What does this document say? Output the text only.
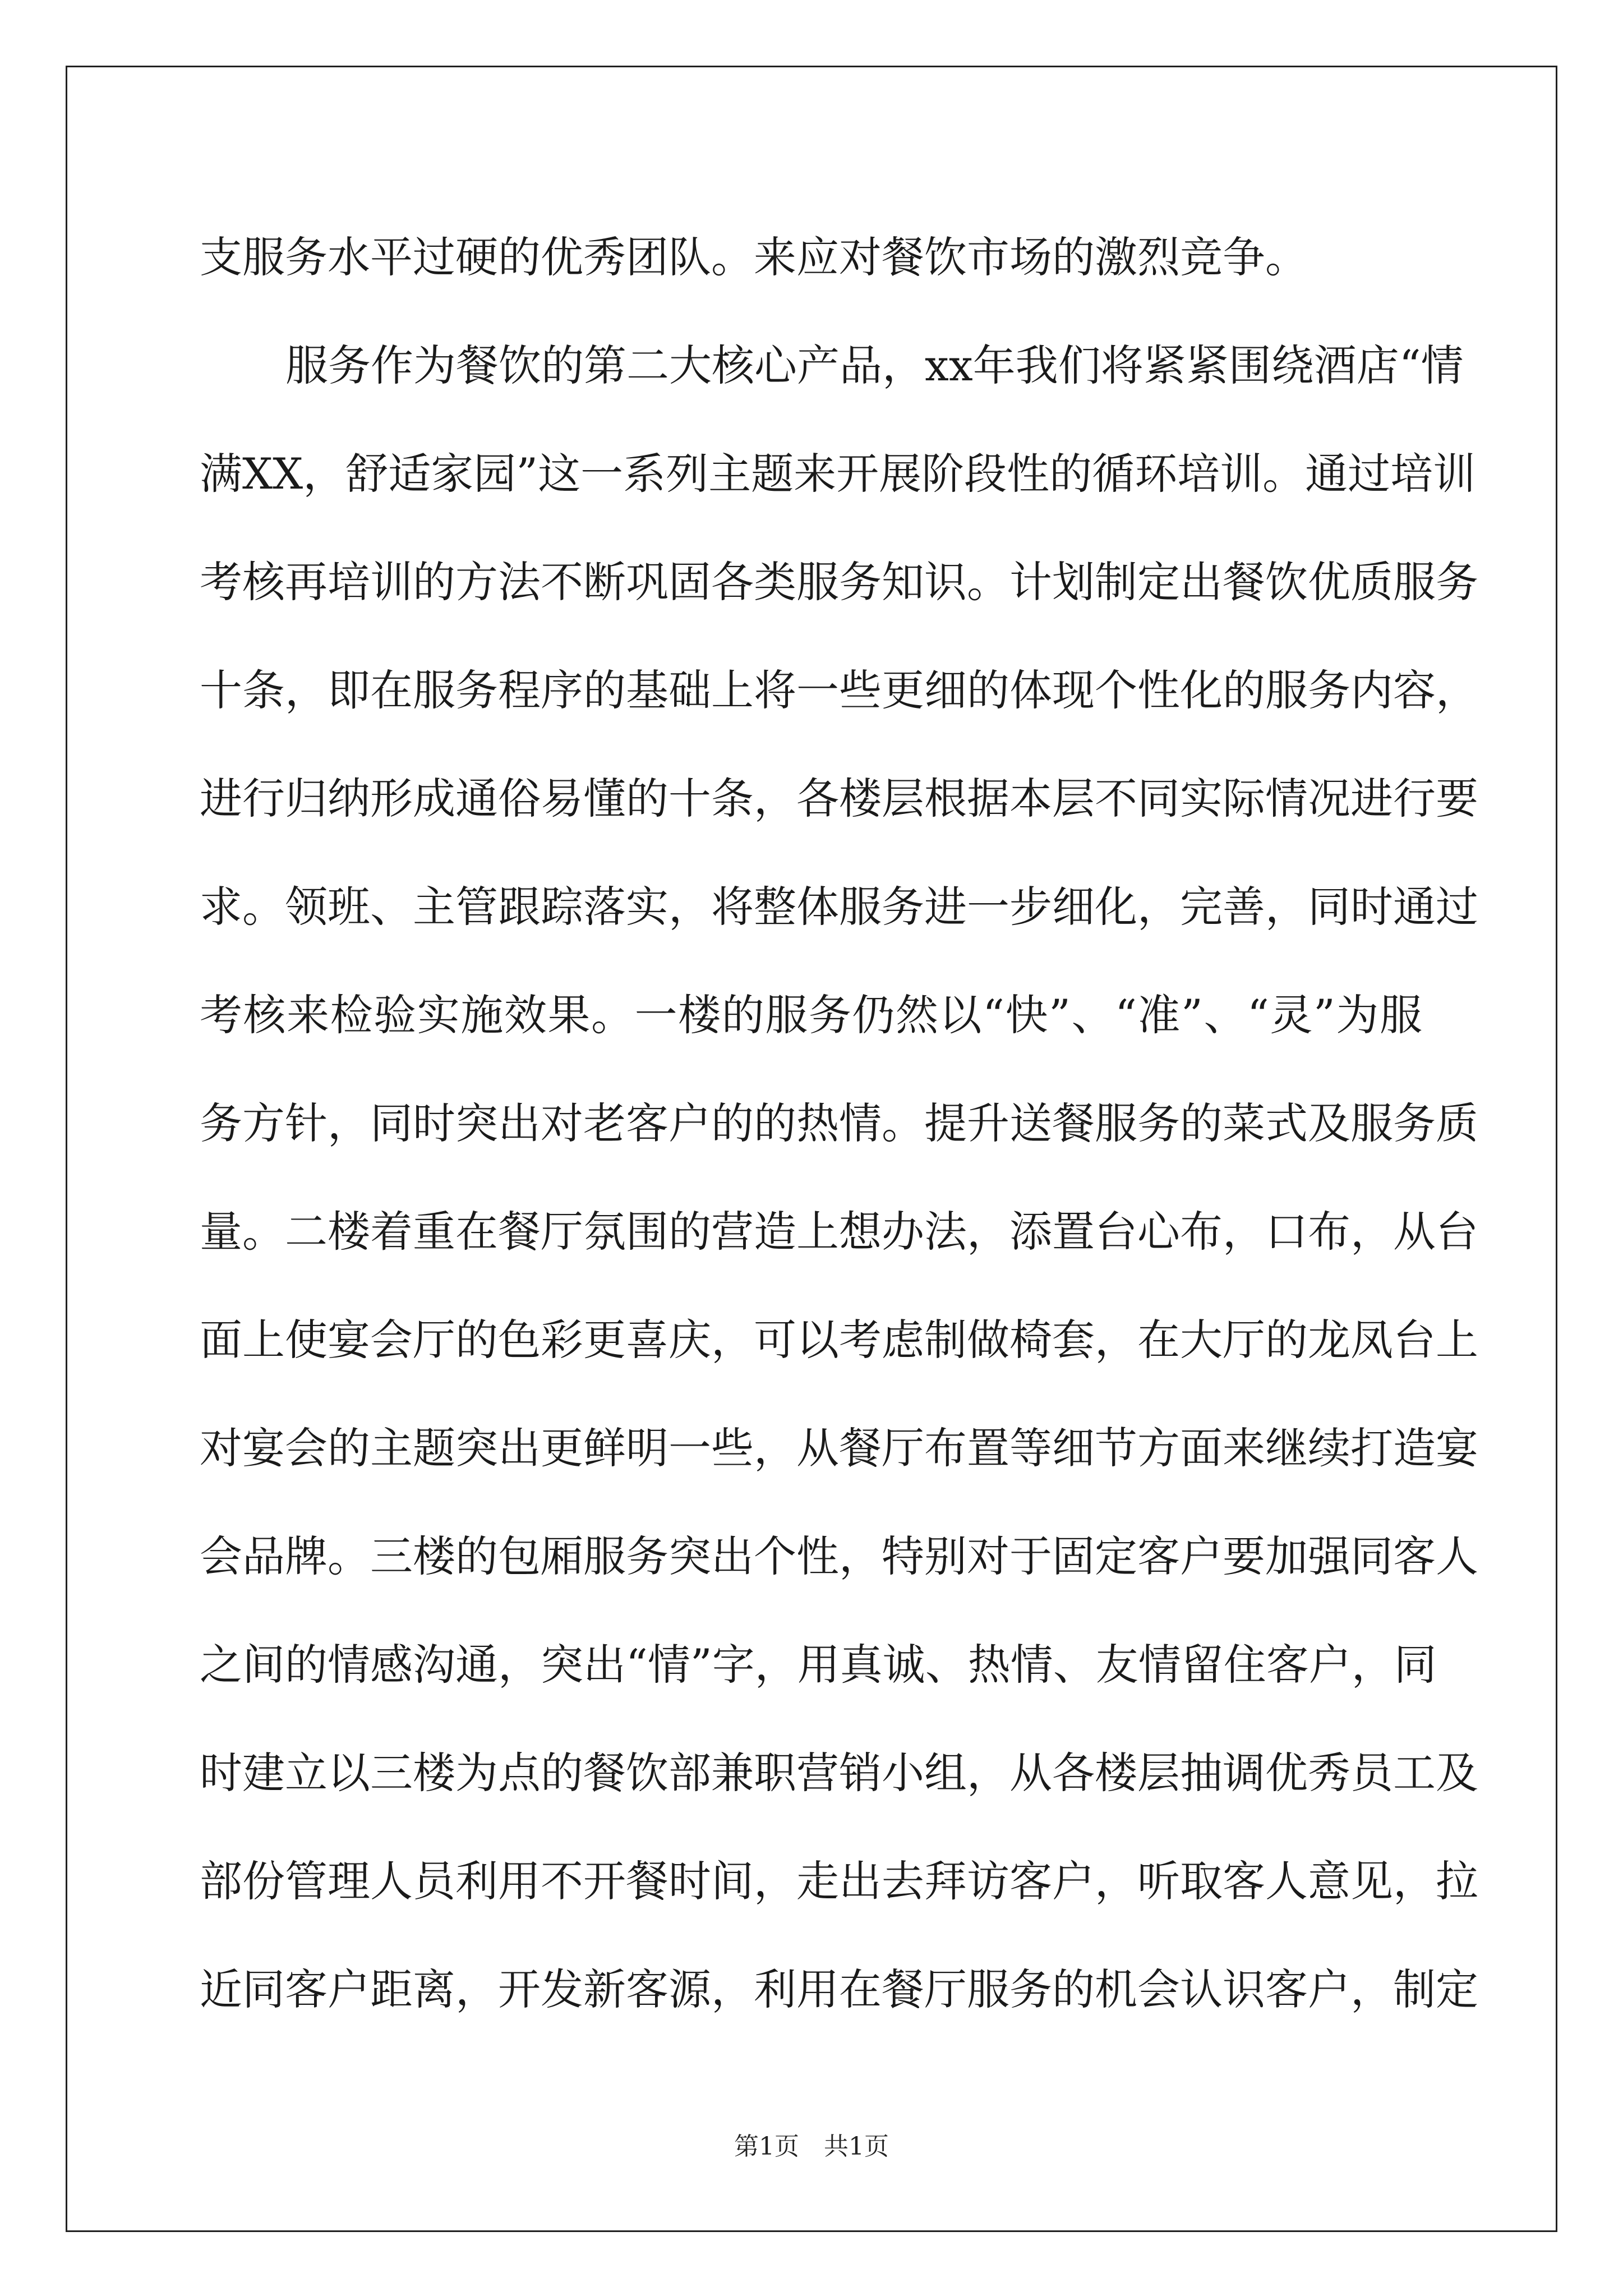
支服务水平过硬的优秀团队。来应对餐饮市场的激烈竞争。
服务作为餐饮的第二大核心产品，xx年我们将紧紧围绕酒店“情
满XX，舒适家园”这一系列主题来开展阶段性的循环培训。通过培训
考核再培训的方法不断巩固各类服务知识。计划制定出餐饮优质服务
十条，即在服务程序的基础上将一些更细的体现个性化的服务内容，
进行归纳形成通俗易懂的十条，各楼层根据本层不同实际情况进行要
求。领班、主管跟踪落实，将整体服务进一步细化，完善，同时通过
考核来检验实施效果。一楼的服务仍然以“快”、“准”、“灵”为服
务方针，同时突出对老客户的的热情。提升送餐服务的菜式及服务质
量。二楼着重在餐厅氛围的营造上想办法，添置台心布，口布，从台
面上使宴会厅的色彩更喜庆，可以考虑制做椅套，在大厅的龙凤台上
对宴会的主题突出更鲜明一些，从餐厅布置等细节方面来继续打造宴
会品牌。三楼的包厢服务突出个性，特别对于固定客户要加强同客人
之间的情感沟通，突出“情”字，用真诚、热情、友情留住客户，同
时建立以三楼为点的餐饮部兼职营销小组，从各楼层抽调优秀员工及
部份管理人员利用不开餐时间，走出去拜访客户，听取客人意见，拉
近同客户距离，开发新客源，利用在餐厅服务的机会认识客户，制定
第1页　共1页
